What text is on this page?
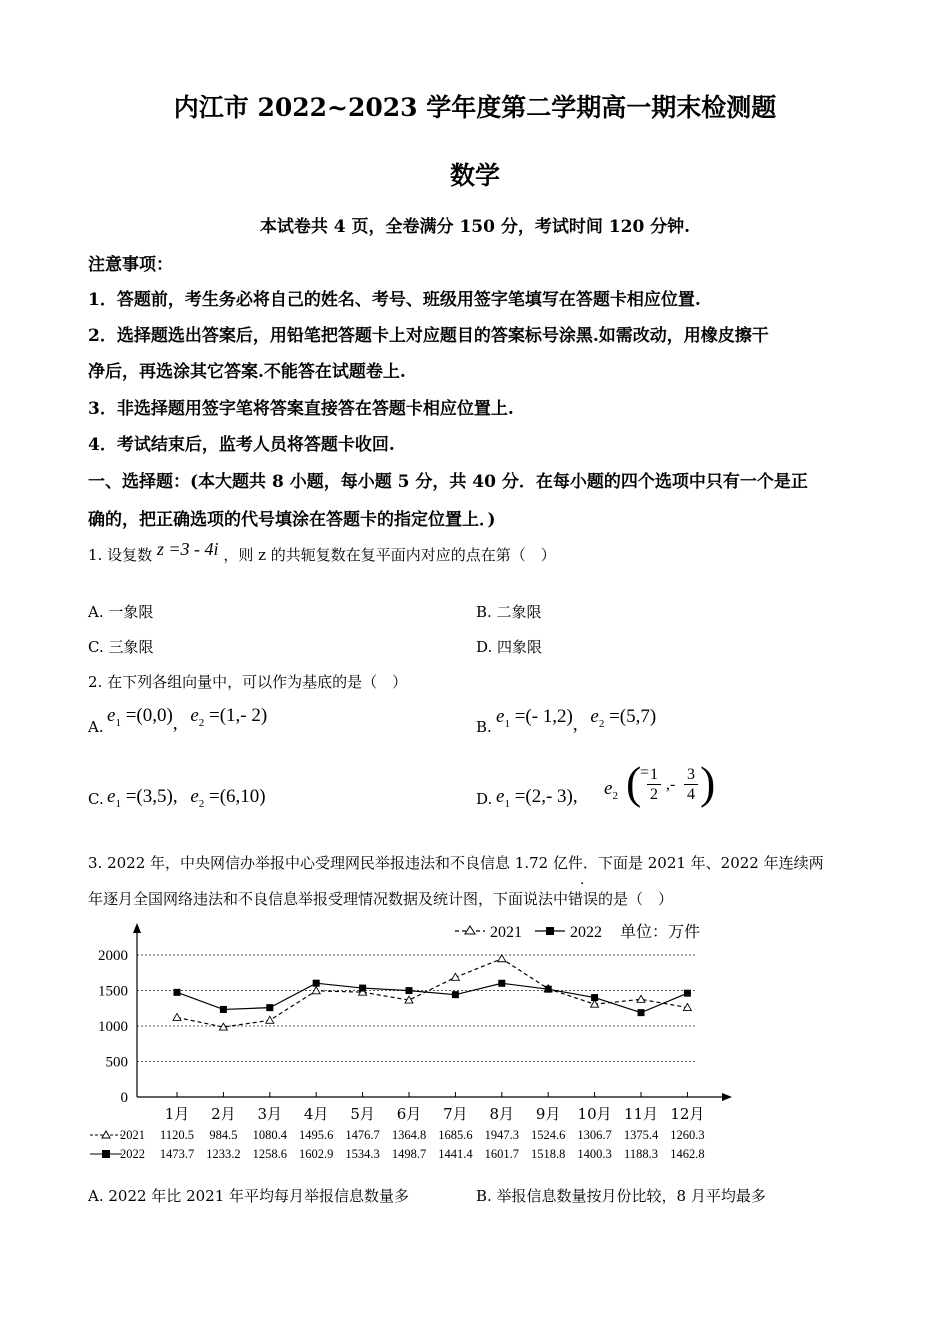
内江市 2022~2023 学年度第二学期高一期末检测题
数学
本试卷共 4 页，全卷满分 150 分，考试时间 120 分钟.
注意事项：
1．答题前，考生务必将自己的姓名、考号、班级用签字笔填写在答题卡相应位置.
2．选择题选出答案后，用铅笔把答题卡上对应题目的答案标号涂黑.如需改动，用橡皮擦干
净后，再选涂其它答案.不能答在试题卷上.
3．非选择题用签字笔将答案直接答在答题卡相应位置上.
4．考试结束后，监考人员将答题卡收回.
一、选择题：(本大题共 8 小题，每小题 5 分，共 40 分．在每小题的四个选项中只有一个是正
确的，把正确选项的代号填涂在答题卡的指定位置上．)
1. 设复数 z =3 - 4i ，则 z 的共轭复数在复平面内对应的点在第（　）
A. 一象限	B. 二象限
C. 三象限	D. 四象限
2. 在下列各组向量中，可以作为基底的是（　）
A.
$e_1 =(0,0)$, $e_2 =(1,-$ 2)
B. $e_1$ =(- 1,2), $e_2 =(5,7)$
C. $e_1 =(3,5)$, $e_2 =(6,10)$	D. $e_1 =(2,-$ 3), $e_2$ (
= 1
2
,-
3
4 )
3. 2022 年，中央网信办举报中心受理网民举报违法和不良信息 1.72 亿件．下面是 2021 年、2022 年连续两
年逐月全国网络违法和不良信息举报受理情况数据及统计图，下面说法中错误的是（　）
2021	2022 单位：万件
0
500
1000
1500
2000
1月 2月 3月 4月 5月 6月 7月 8月 9月 10月 11月 12月
2021 1120.5 984.5 1080.4 1495.6 1476.7 1364.8 1685.6 1947.3 1524.6 1306.7 1375.4 1260.3
2022 1473.7 1233.2 1258.6 1602.9 1534.3 1498.7 1441.4 1601.7 1518.8 1400.3 1188.3 1462.8
A. 2022 年比 2021 年平均每月举报信息数量多	B. 举报信息数量按月份比较，8 月平均最多
